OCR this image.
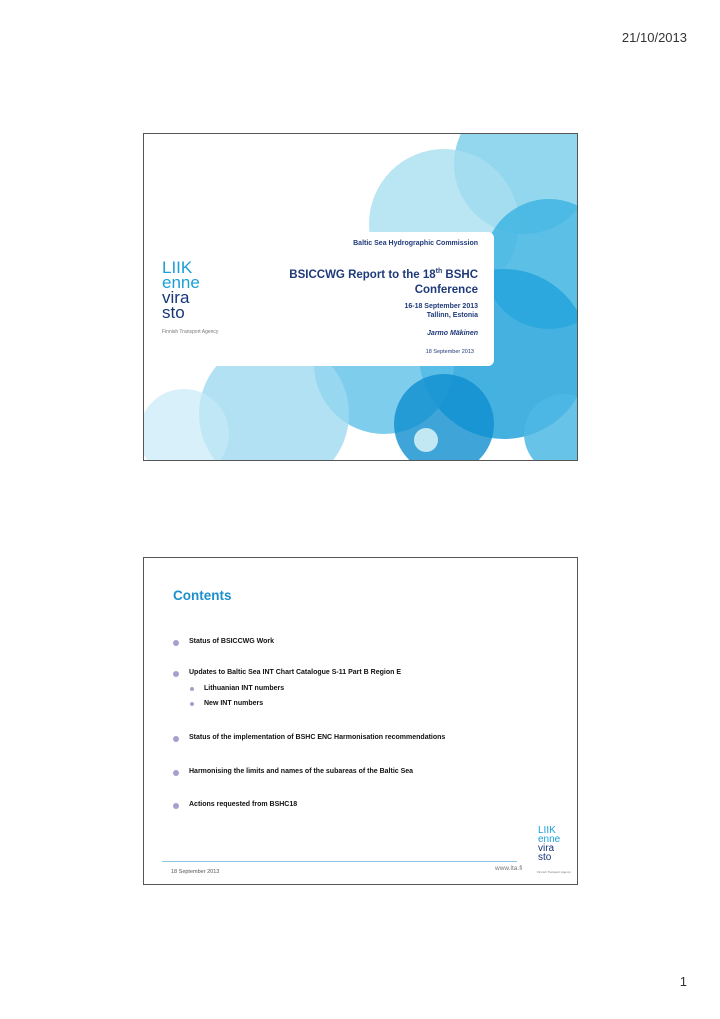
21/10/2013
LIIK
enne
vira
sto
Finnish Transport Agency
Baltic Sea Hydrographic Commission
BSICCWG Report to the 18th BSHC
Conference
16-18 September 2013
Tallinn, Estonia
Jarmo Mäkinen
18 September 2013
Contents
Status of BSICCWG Work
Updates to Baltic Sea INT Chart Catalogue S-11 Part B Region E
Lithuanian INT numbers
New INT numbers
Status of the implementation of BSHC ENC Harmonisation recommendations
Harmonising the limits and names of the subareas of the Baltic Sea
Actions requested from BSHC18
LIIK
enne
vira
sto
Finnish Transport Agency
18 September 2013	www.lta.fi
1
